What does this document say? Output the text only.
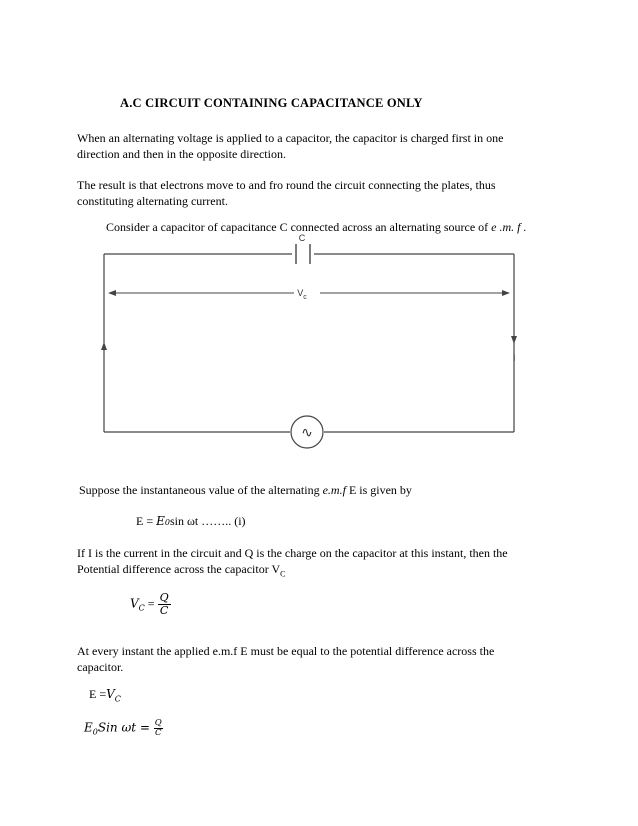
A.C CIRCUIT CONTAINING CAPACITANCE ONLY
When an alternating voltage is applied to a capacitor, the capacitor is charged first in one
direction and then in the opposite direction.
The result is that electrons move to and fro round the circuit connecting the plates, thus
constituting alternating current.
Consider a capacitor of capacitance C connected across an alternating source of e .m. f .
C
∿
$V_c$
I
Suppose the instantaneous value of the alternating e.m.f E is given by
E = E0sin ωt …….. (i)
If I is the current in the circuit and Q is the charge on the capacitor at this instant, then the
Potential difference across the capacitor $V_C$
$V_C = \frac{Q}{C}$
At every instant the applied e.m.f E must be equal to the potential difference across the
capacitor.
$E =V_C$
$E_0Sin$ $\omega t = \frac{Q}{C}$
